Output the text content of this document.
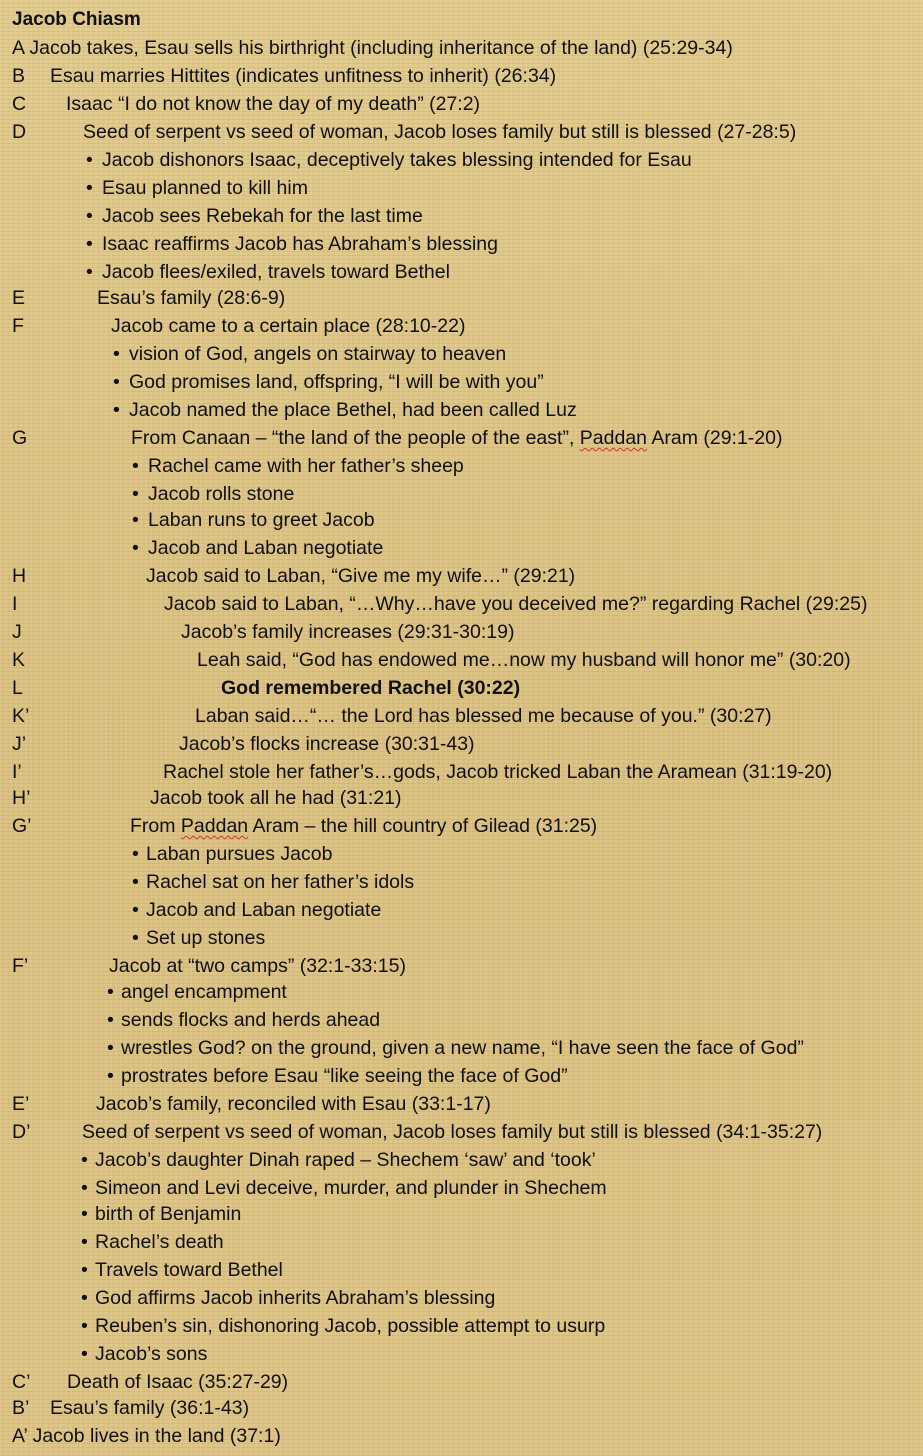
Jacob Chiasm
A Jacob takes, Esau sells his birthright (including inheritance of the land) (25:29-34)
B Esau marries Hittites (indicates unfitness to inherit) (26:34)
C Isaac “I do not know the day of my death” (27:2)
D	Seed of serpent vs seed of woman, Jacob loses family but still is blessed (27-28:5)
• Jacob dishonors Isaac, deceptively takes blessing intended for Esau
• Esau planned to kill him
• Jacob sees Rebekah for the last time
• Isaac reaffirms Jacob has Abraham’s blessing
• Jacob flees/exiled, travels toward Bethel
E	Esau’s family (28:6-9)
F	Jacob came to a certain place (28:10-22)
• vision of God, angels on stairway to heaven
• God promises land, offspring, “I will be with you”
• Jacob named the place Bethel, had been called Luz
G	From Canaan – “the land of the people of the east”, Paddan Aram (29:1-20)
• Rachel came with her father’s sheep
• Jacob rolls stone
• Laban runs to greet Jacob
• Jacob and Laban negotiate
H	Jacob said to Laban, “Give me my wife…” (29:21)
I	Jacob said to Laban, “…Why…have you deceived me?” regarding Rachel (29:25)
J	Jacob’s family increases (29:31-30:19)
K	Leah said, “God has endowed me…now my husband will honor me” (30:20)
L	God remembered Rachel (30:22)
K’	Laban said…“… the Lord has blessed me because of you.” (30:27)
J’	Jacob’s flocks increase (30:31-43)
I’	Rachel stole her father’s…gods, Jacob tricked Laban the Aramean (31:19-20)
H’	Jacob took all he had (31:21)
G’	From Paddan Aram – the hill country of Gilead (31:25)
• Laban pursues Jacob
• Rachel sat on her father’s idols
• Jacob and Laban negotiate
• Set up stones
F’	Jacob at “two camps” (32:1-33:15)
• angel encampment
• sends flocks and herds ahead
• wrestles God? on the ground, given a new name, “I have seen the face of God”
• prostrates before Esau “like seeing the face of God”
E’	Jacob’s family, reconciled with Esau (33:1-17)
D’	Seed of serpent vs seed of woman, Jacob loses family but still is blessed (34:1-35:27)
• Jacob’s daughter Dinah raped – Shechem ‘saw’ and ‘took’
• Simeon and Levi deceive, murder, and plunder in Shechem
• birth of Benjamin
• Rachel’s death
• Travels toward Bethel
• God affirms Jacob inherits Abraham’s blessing
• Reuben’s sin, dishonoring Jacob, possible attempt to usurp
• Jacob’s sons
C’ Death of Isaac (35:27-29)
B’ Esau’s family (36:1-43)
A’ Jacob lives in the land (37:1)
